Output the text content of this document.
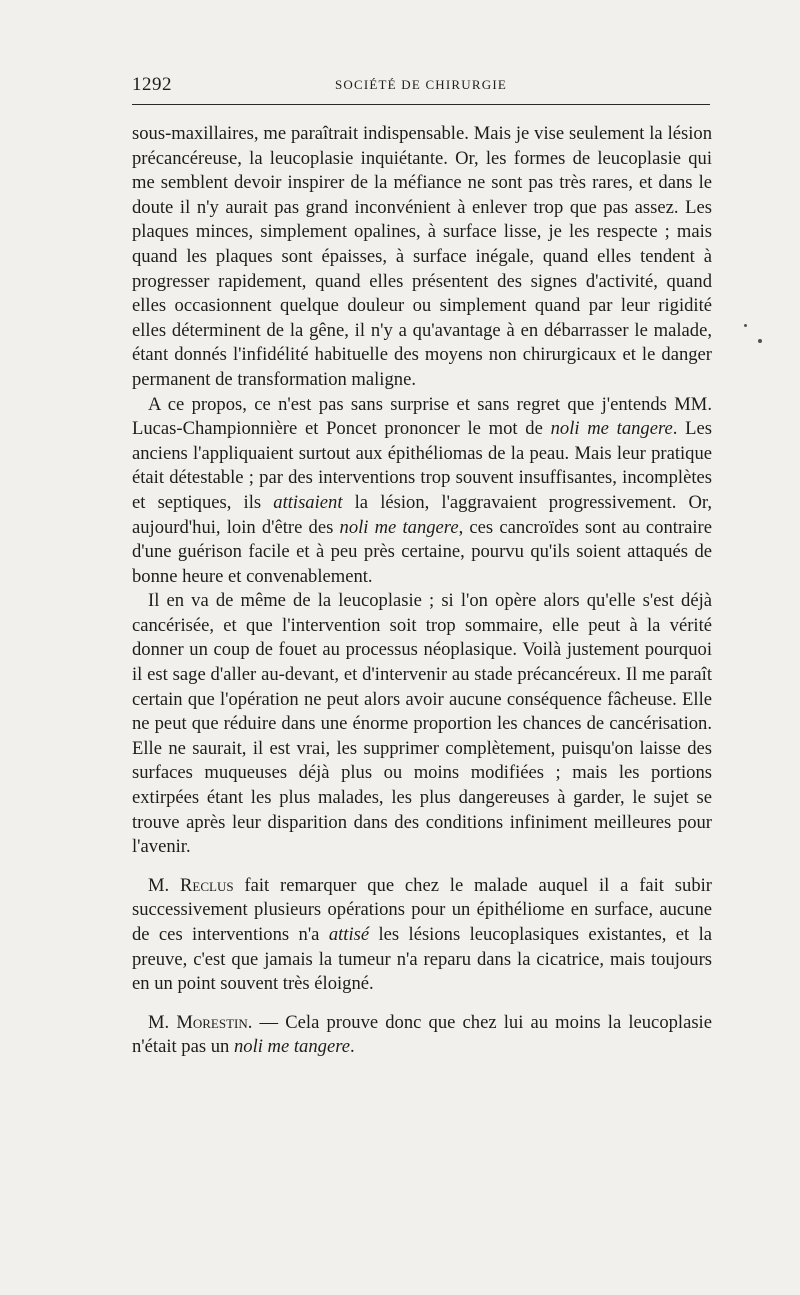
1292	SOCIÉTÉ DE CHIRURGIE

sous-maxillaires, me paraîtrait indispensable. Mais je vise seulement la lésion précancéreuse, la leucoplasie inquiétante. Or, les formes de leucoplasie qui me semblent devoir inspirer de la méfiance ne sont pas très rares, et dans le doute il n'y aurait pas grand inconvénient à enlever trop que pas assez. Les plaques minces, simplement opalines, à surface lisse, je les respecte ; mais quand les plaques sont épaisses, à surface inégale, quand elles tendent à progresser rapidement, quand elles présentent des signes d'activité, quand elles occasionnent quelque douleur ou simplement quand par leur rigidité elles déterminent de la gêne, il n'y a qu'avantage à en débarrasser le malade, étant donnés l'infidélité habituelle des moyens non chirurgicaux et le danger permanent de transformation maligne.

A ce propos, ce n'est pas sans surprise et sans regret que j'entends MM. Lucas-Championnière et Poncet prononcer le mot de noli me tangere. Les anciens l'appliquaient surtout aux épithéliomas de la peau. Mais leur pratique était détestable ; par des interventions trop souvent insuffisantes, incomplètes et septiques, ils attisaient la lésion, l'aggravaient progressivement. Or, aujourd'hui, loin d'être des noli me tangere, ces cancroïdes sont au contraire d'une guérison facile et à peu près certaine, pourvu qu'ils soient attaqués de bonne heure et convenablement.

Il en va de même de la leucoplasie ; si l'on opère alors qu'elle s'est déjà cancérisée, et que l'intervention soit trop sommaire, elle peut à la vérité donner un coup de fouet au processus néoplasique. Voilà justement pourquoi il est sage d'aller au-devant, et d'intervenir au stade précancéreux. Il me paraît certain que l'opération ne peut alors avoir aucune conséquence fâcheuse. Elle ne peut que réduire dans une énorme proportion les chances de cancérisation. Elle ne saurait, il est vrai, les supprimer complètement, puisqu'on laisse des surfaces muqueuses déjà plus ou moins modifiées ; mais les portions extirpées étant les plus malades, les plus dangereuses à garder, le sujet se trouve après leur disparition dans des conditions infiniment meilleures pour l'avenir.

M. Reclus fait remarquer que chez le malade auquel il a fait subir successivement plusieurs opérations pour un épithéliome en surface, aucune de ces interventions n'a attisé les lésions leucoplasiques existantes, et la preuve, c'est que jamais la tumeur n'a reparu dans la cicatrice, mais toujours en un point souvent très éloigné.

M. Morestin. — Cela prouve donc que chez lui au moins la leucoplasie n'était pas un noli me tangere.
